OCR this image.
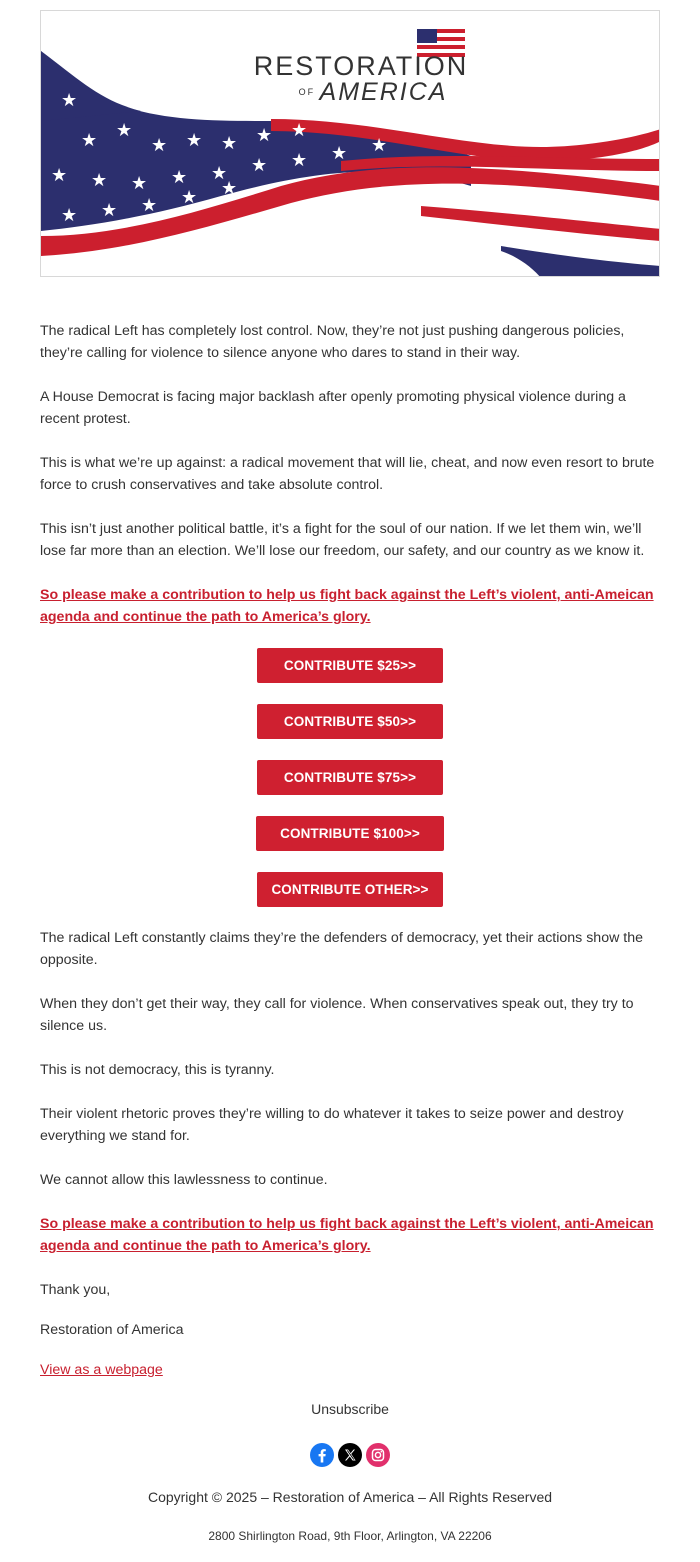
★
★ ★
★ ★ ★ ★ ★
★ ★ ★ ★ ★ ★ ★ ★ ★
★ ★ ★ ★ ★
RESTORATION
OF AMERICA

The radical Left has completely lost control. Now, they’re not just pushing dangerous policies, they’re calling for violence to silence anyone who dares to stand in their way.

A House Democrat is facing major backlash after openly promoting physical violence during a recent protest.

This is what we’re up against: a radical movement that will lie, cheat, and now even resort to brute force to crush conservatives and take absolute control.

This isn’t just another political battle, it’s a fight for the soul of our nation. If we let them win, we’ll lose far more than an election. We’ll lose our freedom, our safety, and our country as we know it.

So please make a contribution to help us fight back against the Left’s violent, anti-Ameican agenda and continue the path to America’s glory.
CONTRIBUTE $25>>
CONTRIBUTE $50>>
CONTRIBUTE $75>>
CONTRIBUTE $100>>
CONTRIBUTE OTHER>>

The radical Left constantly claims they’re the defenders of democracy, yet their actions show the opposite.

When they don’t get their way, they call for violence. When conservatives speak out, they try to silence us.

This is not democracy, this is tyranny.

Their violent rhetoric proves they’re willing to do whatever it takes to seize power and destroy everything we stand for.

We cannot allow this lawlessness to continue.

So please make a contribution to help us fight back against the Left’s violent, anti-Ameican agenda and continue the path to America’s glory.

Thank you,

Restoration of America

View as a webpage
Unsubscribe
Copyright © 2025 – Restoration of America – All Rights Reserved
2800 Shirlington Road, 9th Floor, Arlington, VA 22206
